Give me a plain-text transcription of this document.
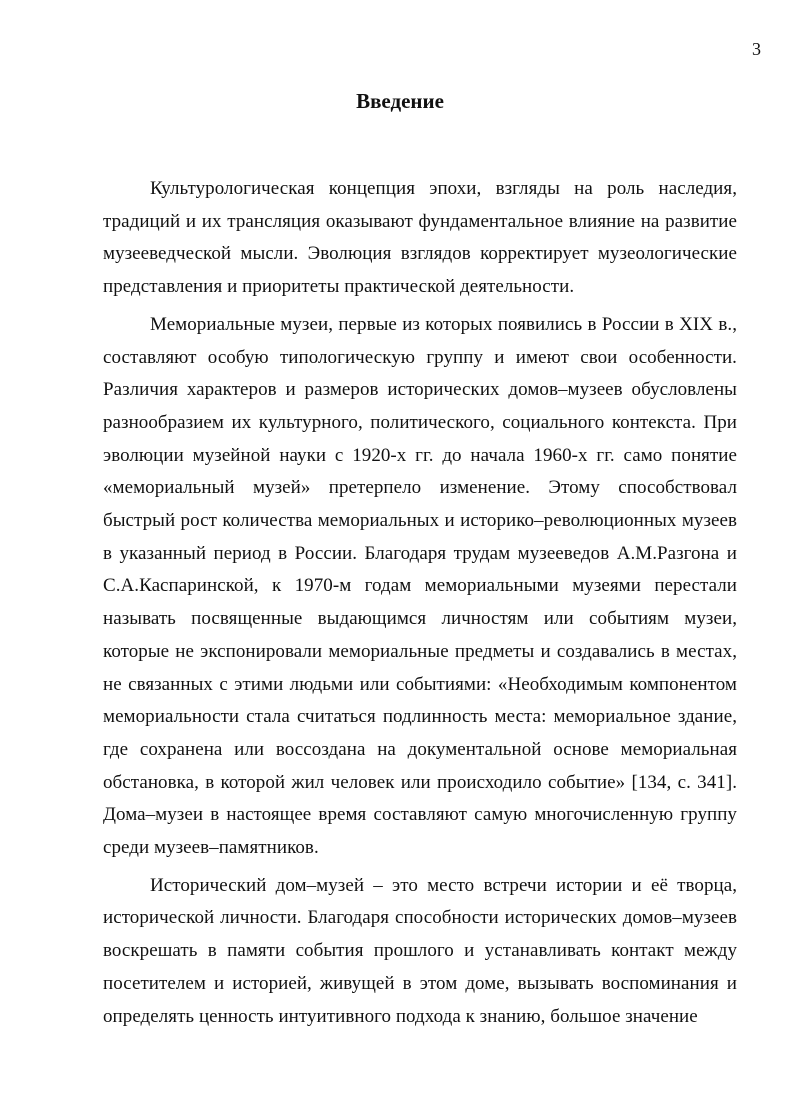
3
Введение

Культурологическая концепция эпохи, взгляды на роль наследия, традиций и их трансляция оказывают фундаментальное влияние на развитие музееведческой мысли. Эволюция взглядов корректирует музеологические представления и приоритеты практической деятельности.

Мемориальные музеи, первые из которых появились в России в XIX в., составляют особую типологическую группу и имеют свои особенности. Различия характеров и размеров исторических домов–музеев обусловлены разнообразием их культурного, политического, социального контекста. При эволюции музейной науки с 1920-х гг. до начала 1960-х гг. само понятие «мемориальный музей» претерпело изменение. Этому способствовал быстрый рост количества мемориальных и историко–революционных музеев в указанный период в России. Благодаря трудам музееведов А.М.Разгона и С.А.Каспаринской, к 1970-м годам мемориальными музеями перестали называть посвященные выдающимся личностям или событиям музеи, которые не экспонировали мемориальные предметы и создавались в местах, не связанных с этими людьми или событиями: «Необходимым компонентом мемориальности стала считаться подлинность места: мемориальное здание, где сохранена или воссоздана на документальной основе мемориальная обстановка, в которой жил человек или происходило событие» [134, с. 341]. Дома–музеи в настоящее время составляют самую многочисленную группу среди музеев–памятников.

Исторический дом–музей – это место встречи истории и её творца, исторической личности. Благодаря способности исторических домов–музеев воскрешать в памяти события прошлого и устанавливать контакт между посетителем и историей, живущей в этом доме, вызывать воспоминания и определять ценность интуитивного подхода к знанию, большое значение
